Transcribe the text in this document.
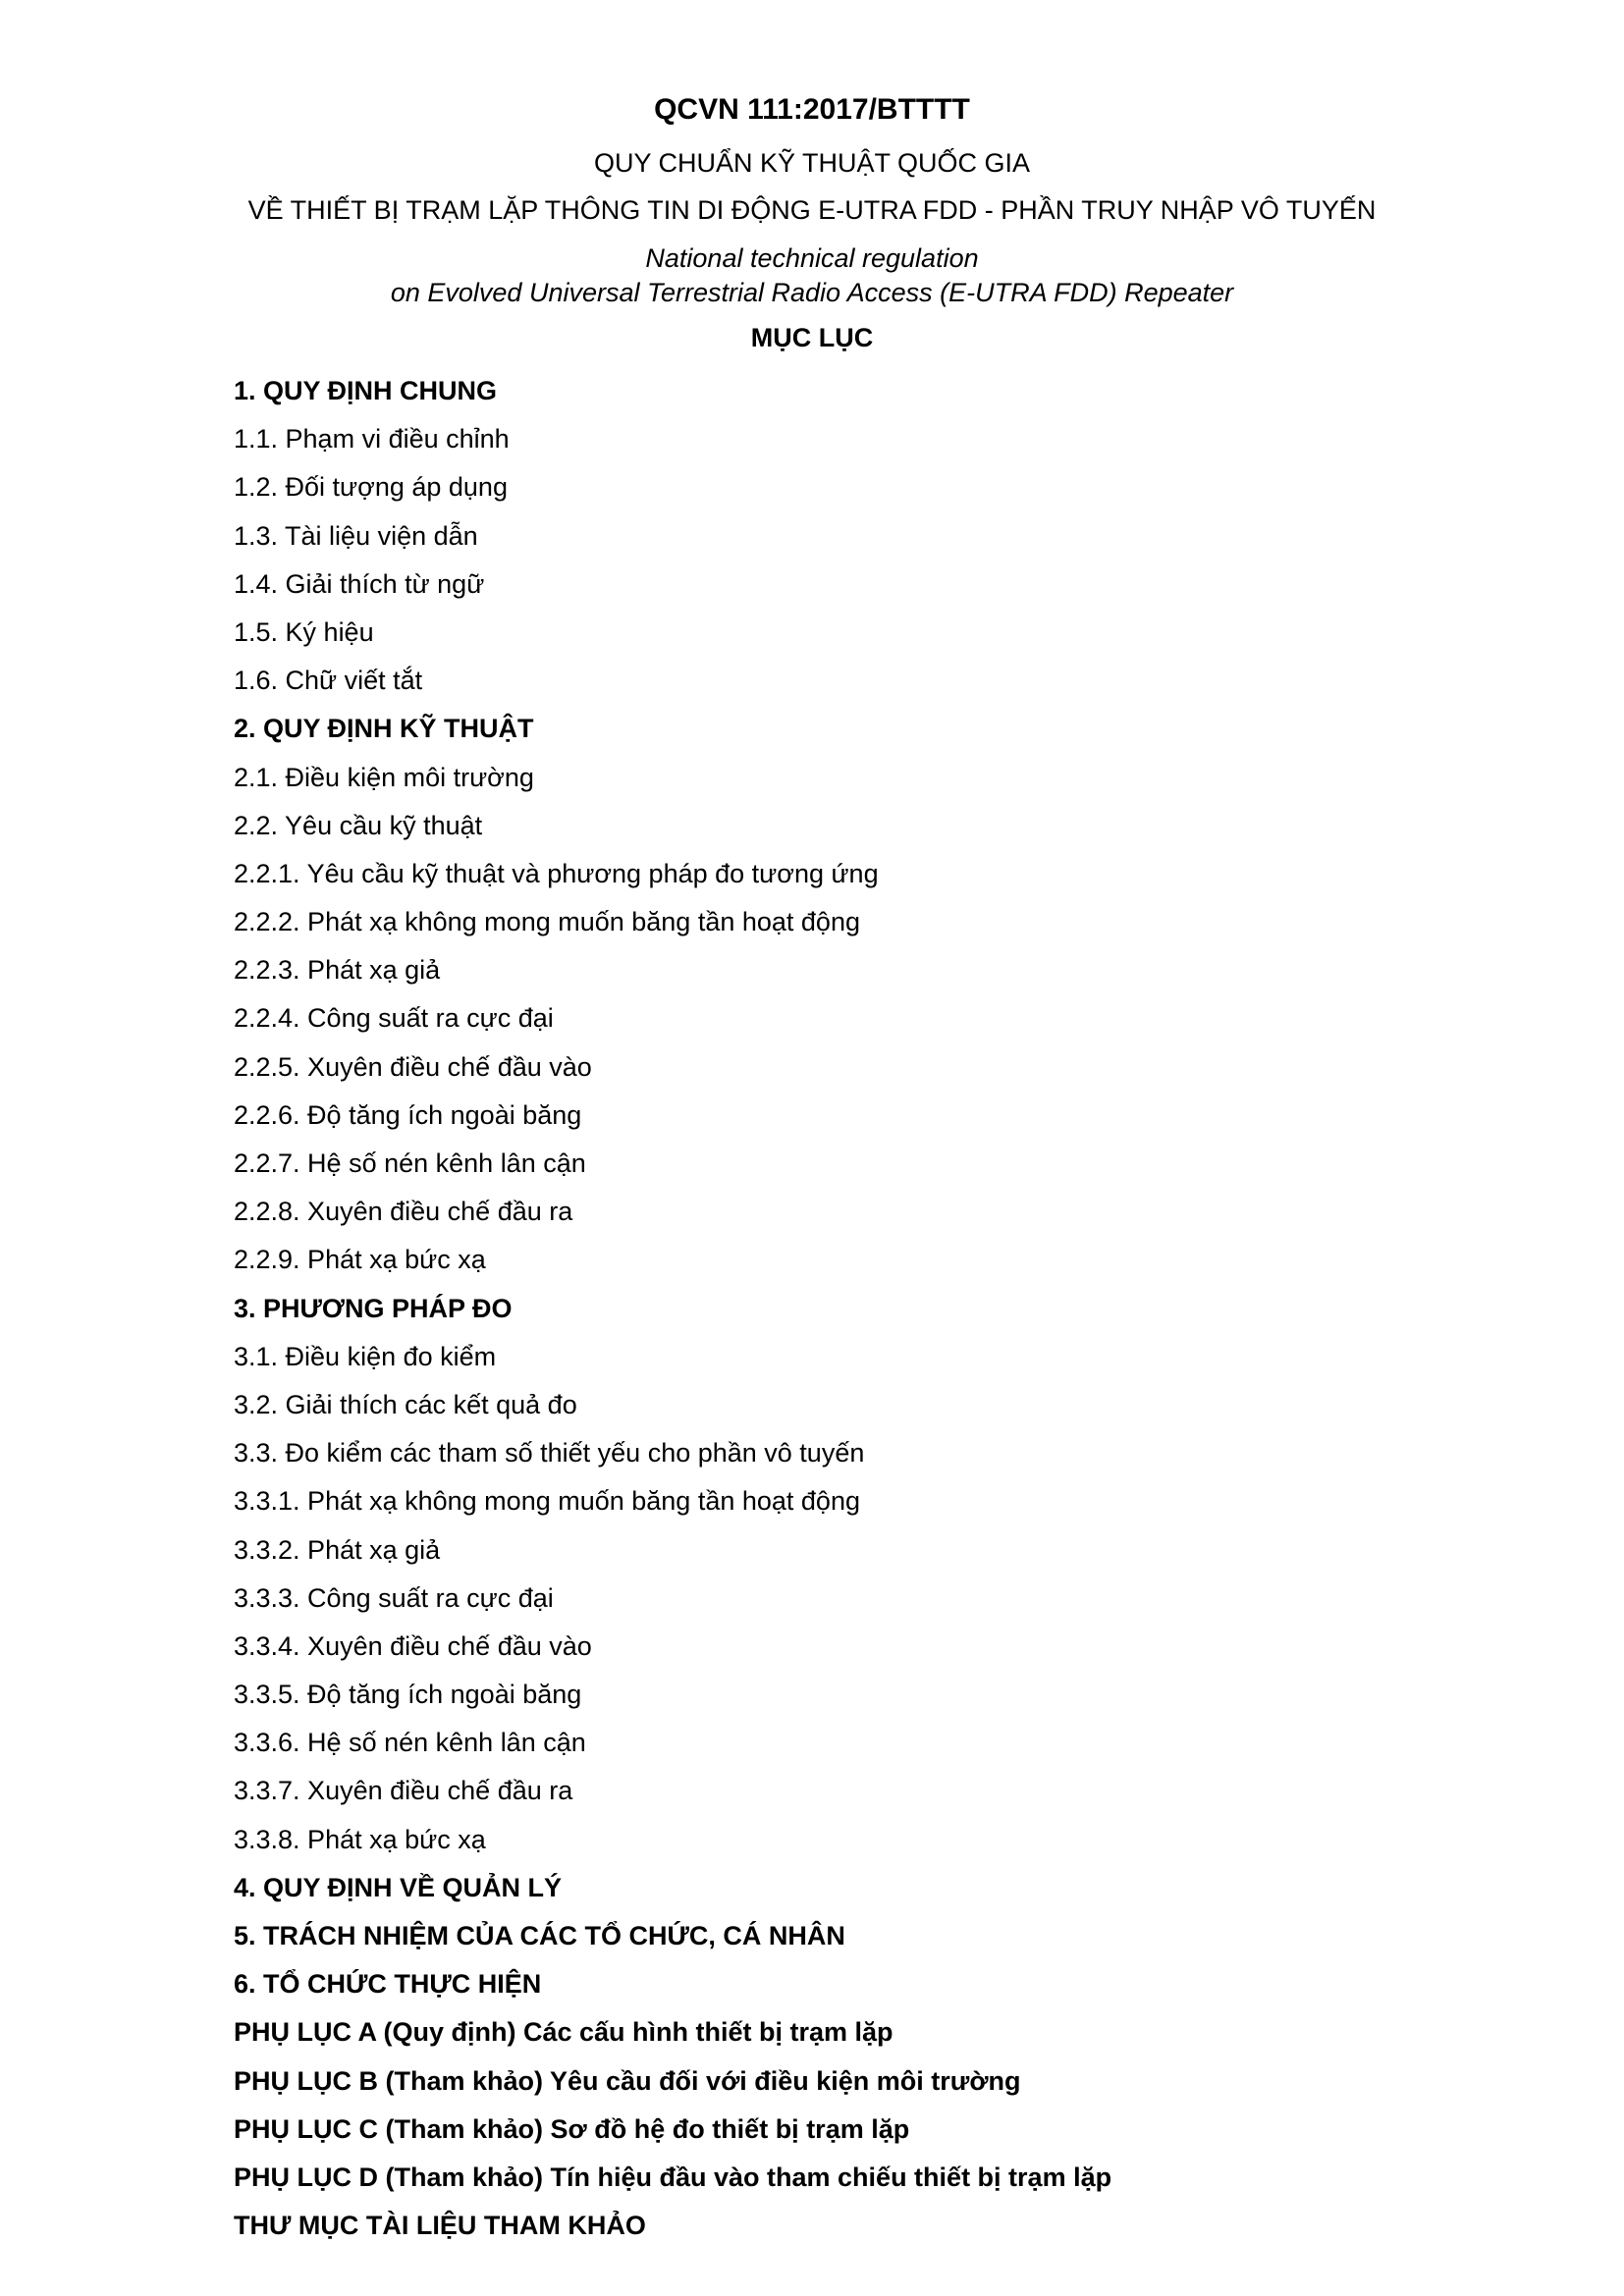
QCVN 111:2017/BTTTT
QUY CHUẨN KỸ THUẬT QUỐC GIA
VỀ THIẾT BỊ TRẠM LẶP THÔNG TIN DI ĐỘNG E-UTRA FDD - PHẦN TRUY NHẬP VÔ TUYẾN
National technical regulation
on Evolved Universal Terrestrial Radio Access (E-UTRA FDD) Repeater
MỤC LỤC
1. QUY ĐỊNH CHUNG
1.1. Phạm vi điều chỉnh
1.2. Đối tượng áp dụng
1.3. Tài liệu viện dẫn
1.4. Giải thích từ ngữ
1.5. Ký hiệu
1.6. Chữ viết tắt
2. QUY ĐỊNH KỸ THUẬT
2.1. Điều kiện môi trường
2.2. Yêu cầu kỹ thuật
2.2.1. Yêu cầu kỹ thuật và phương pháp đo tương ứng
2.2.2. Phát xạ không mong muốn băng tần hoạt động
2.2.3. Phát xạ giả
2.2.4. Công suất ra cực đại
2.2.5. Xuyên điều chế đầu vào
2.2.6. Độ tăng ích ngoài băng
2.2.7. Hệ số nén kênh lân cận
2.2.8. Xuyên điều chế đầu ra
2.2.9. Phát xạ bức xạ
3. PHƯƠNG PHÁP ĐO
3.1. Điều kiện đo kiểm
3.2. Giải thích các kết quả đo
3.3. Đo kiểm các tham số thiết yếu cho phần vô tuyến
3.3.1. Phát xạ không mong muốn băng tần hoạt động
3.3.2. Phát xạ giả
3.3.3. Công suất ra cực đại
3.3.4. Xuyên điều chế đầu vào
3.3.5. Độ tăng ích ngoài băng
3.3.6. Hệ số nén kênh lân cận
3.3.7. Xuyên điều chế đầu ra
3.3.8. Phát xạ bức xạ
4. QUY ĐỊNH VỀ QUẢN LÝ
5. TRÁCH NHIỆM CỦA CÁC TỔ CHỨC, CÁ NHÂN
6. TỔ CHỨC THỰC HIỆN
PHỤ LỤC A (Quy định) Các cấu hình thiết bị trạm lặp
PHỤ LỤC B (Tham khảo) Yêu cầu đối với điều kiện môi trường
PHỤ LỤC C (Tham khảo) Sơ đồ hệ đo thiết bị trạm lặp
PHỤ LỤC D (Tham khảo) Tín hiệu đầu vào tham chiếu thiết bị trạm lặp
THƯ MỤC TÀI LIỆU THAM KHẢO
